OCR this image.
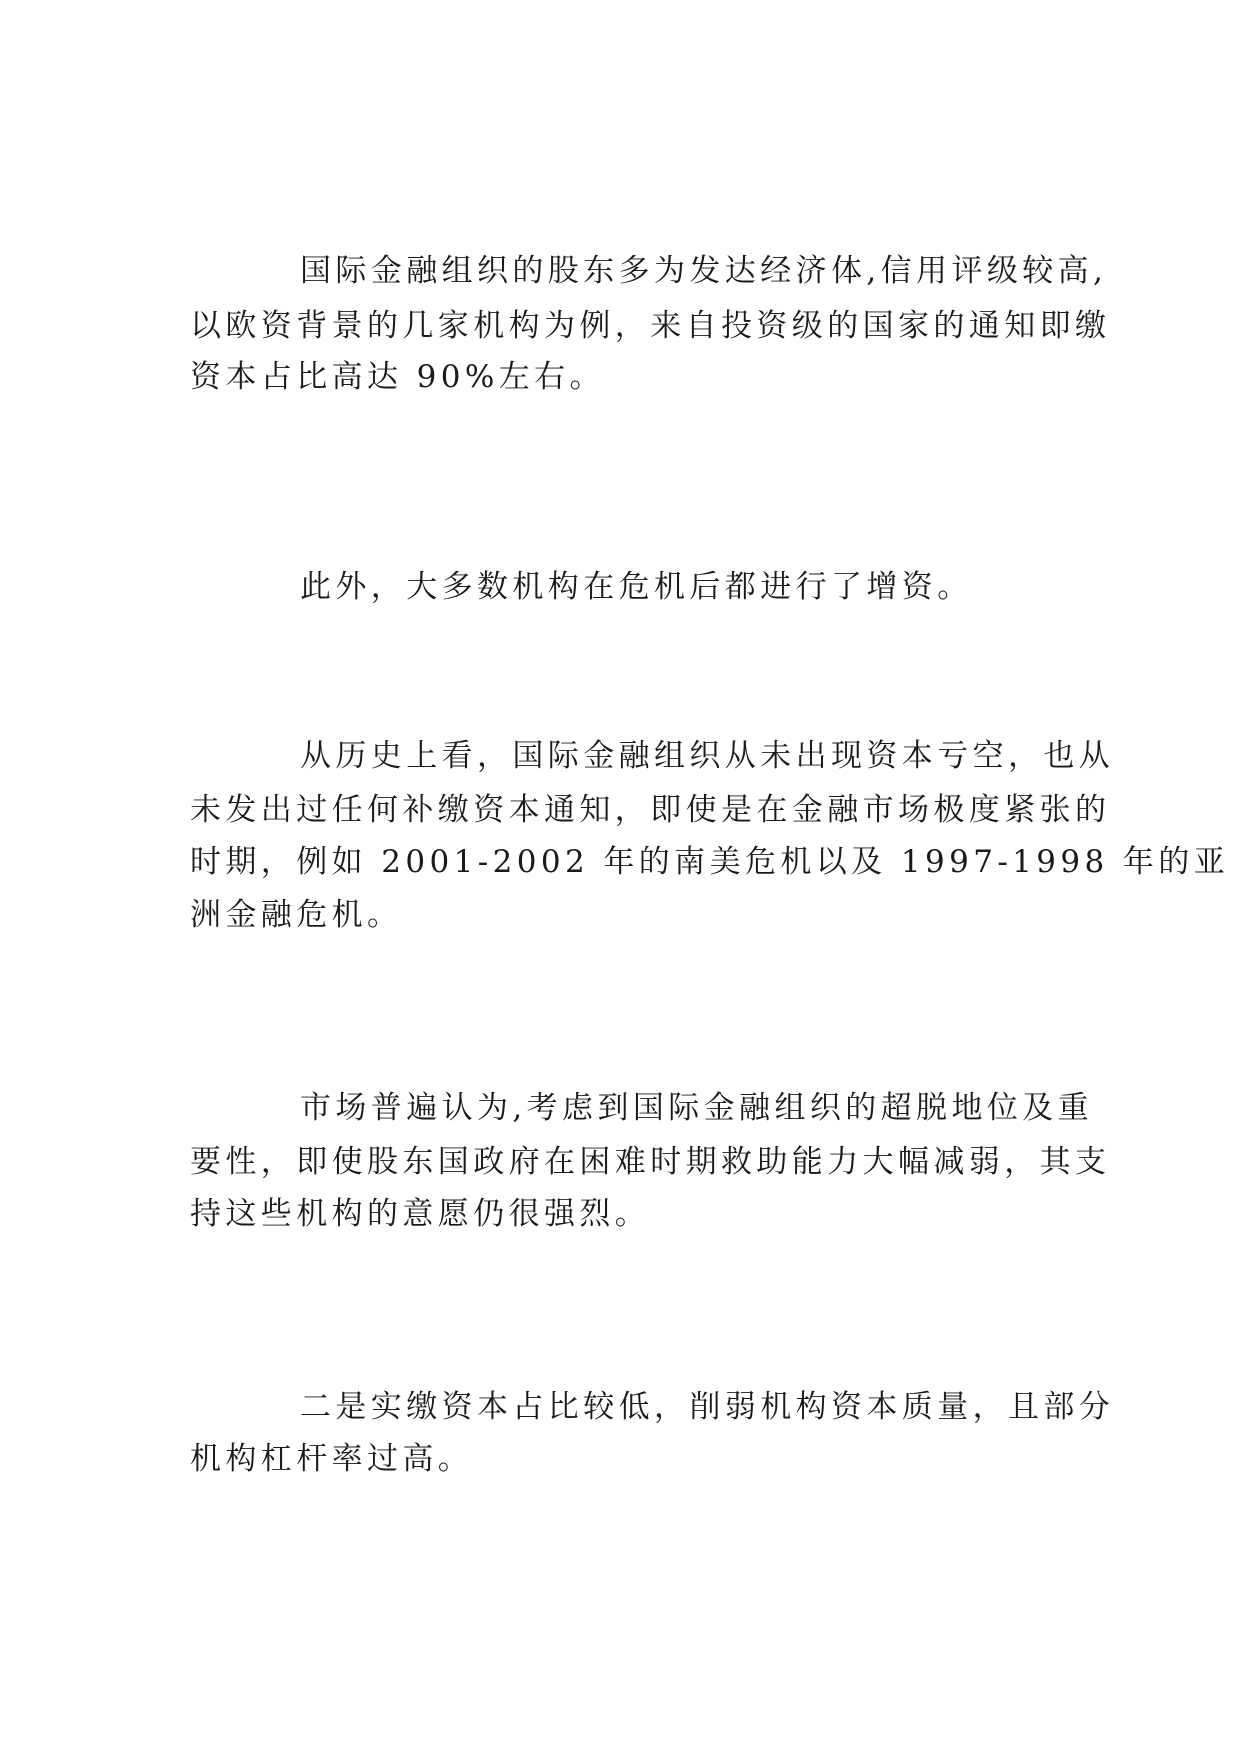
国际金融组织的股东多为发达经济体,信用评级较高,

以欧资背景的几家机构为例，来自投资级的国家的通知即缴

资本占比高达 90%左右。

此外，大多数机构在危机后都进行了增资。

从历史上看，国际金融组织从未出现资本亏空，也从

未发出过任何补缴资本通知，即使是在金融市场极度紧张的

时期，例如 2001-2002 年的南美危机以及 1997-1998 年的亚

洲金融危机。

市场普遍认为,考虑到国际金融组织的超脱地位及重

要性，即使股东国政府在困难时期救助能力大幅减弱，其支

持这些机构的意愿仍很强烈。

二是实缴资本占比较低，削弱机构资本质量，且部分

机构杠杆率过高。
